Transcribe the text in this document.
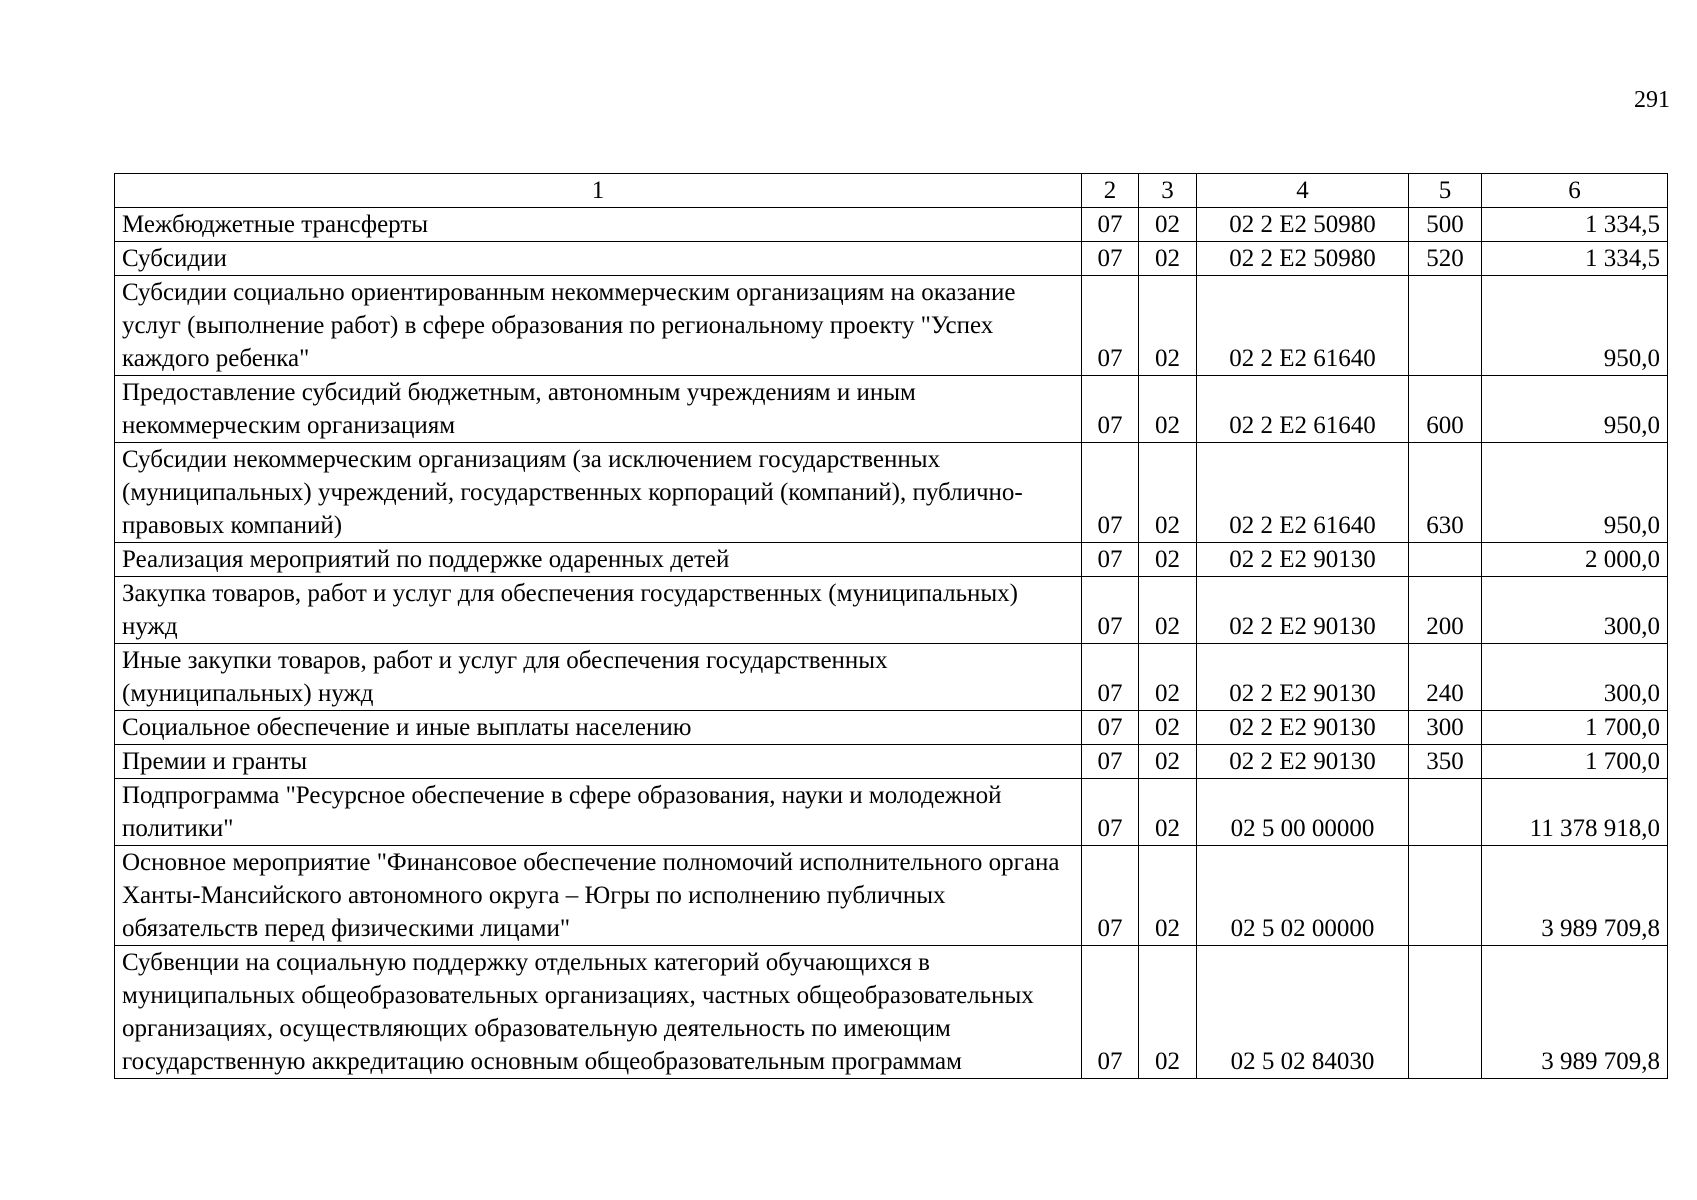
291
1	2	3	4	5	6
Межбюджетные трансферты	07	02	02 2 E2 50980	500	1 334,5
Субсидии	07	02	02 2 E2 50980	520	1 334,5
Субсидии социально ориентированным некоммерческим организациям на оказание услуг (выполнение работ) в сфере образования по региональному проекту "Успех каждого ребенка"	07	02	02 2 E2 61640		950,0
Предоставление субсидий бюджетным, автономным учреждениям и иным некоммерческим организациям	07	02	02 2 E2 61640	600	950,0
Субсидии некоммерческим организациям (за исключением государственных (муниципальных) учреждений, государственных корпораций (компаний), публично-правовых компаний)	07	02	02 2 E2 61640	630	950,0
Реализация мероприятий по поддержке одаренных детей	07	02	02 2 E2 90130		2 000,0
Закупка товаров, работ и услуг для обеспечения государственных (муниципальных) нужд	07	02	02 2 E2 90130	200	300,0
Иные закупки товаров, работ и услуг для обеспечения государственных (муниципальных) нужд	07	02	02 2 E2 90130	240	300,0
Социальное обеспечение и иные выплаты населению	07	02	02 2 E2 90130	300	1 700,0
Премии и гранты	07	02	02 2 E2 90130	350	1 700,0
Подпрограмма "Ресурсное обеспечение в сфере образования, науки и молодежной политики"	07	02	02 5 00 00000		11 378 918,0
Основное мероприятие "Финансовое обеспечение полномочий исполнительного органа Ханты-Мансийского автономного округа – Югры по исполнению публичных обязательств перед физическими лицами"	07	02	02 5 02 00000		3 989 709,8
Субвенции на социальную поддержку отдельных категорий обучающихся в муниципальных общеобразовательных организациях, частных общеобразовательных организациях, осуществляющих образовательную деятельность по имеющим государственную аккредитацию основным общеобразовательным программам	07	02	02 5 02 84030		3 989 709,8
